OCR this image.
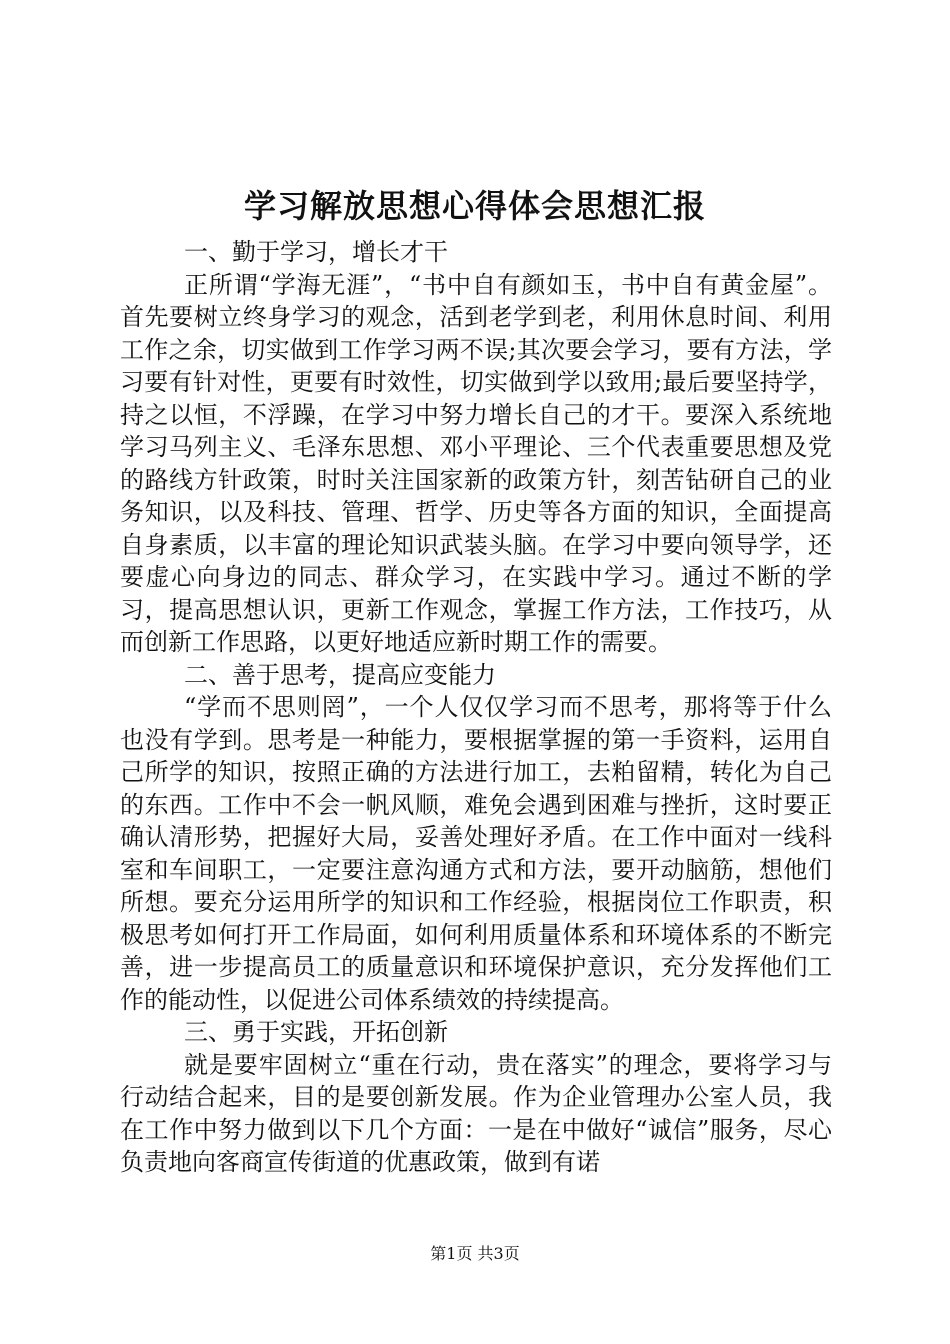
学习解放思想心得体会思想汇报

一、勤于学习，增长才干

正所谓“学海无涯”，“书中自有颜如玉，书中自有黄金屋”。首先要树立终身学习的观念，活到老学到老，利用休息时间、利用工作之余，切实做到工作学习两不误;其次要会学习，要有方法，学习要有针对性，更要有时效性，切实做到学以致用;最后要坚持学，持之以恒，不浮躁，在学习中努力增长自己的才干。要深入系统地学习马列主义、毛泽东思想、邓小平理论、三个代表重要思想及党的路线方针政策，时时关注国家新的政策方针，刻苦钻研自己的业务知识，以及科技、管理、哲学、历史等各方面的知识，全面提高自身素质，以丰富的理论知识武装头脑。在学习中要向领导学，还要虚心向身边的同志、群众学习，在实践中学习。通过不断的学习，提高思想认识，更新工作观念，掌握工作方法，工作技巧，从而创新工作思路，以更好地适应新时期工作的需要。

二、善于思考，提高应变能力

“学而不思则罔”，一个人仅仅学习而不思考，那将等于什么也没有学到。思考是一种能力，要根据掌握的第一手资料，运用自己所学的知识，按照正确的方法进行加工，去粕留精，转化为自己的东西。工作中不会一帆风顺，难免会遇到困难与挫折，这时要正确认清形势，把握好大局，妥善处理好矛盾。在工作中面对一线科室和车间职工，一定要注意沟通方式和方法，要开动脑筋，想他们所想。要充分运用所学的知识和工作经验，根据岗位工作职责，积极思考如何打开工作局面，如何利用质量体系和环境体系的不断完善，进一步提高员工的质量意识和环境保护意识，充分发挥他们工作的能动性，以促进公司体系绩效的持续提高。

三、勇于实践，开拓创新

就是要牢固树立“重在行动，贵在落实”的理念，要将学习与行动结合起来，目的是要创新发展。作为企业管理办公室人员，我在工作中努力做到以下几个方面：一是在中做好“诚信”服务，尽心负责地向客商宣传街道的优惠政策，做到有诺

第1页 共3页
